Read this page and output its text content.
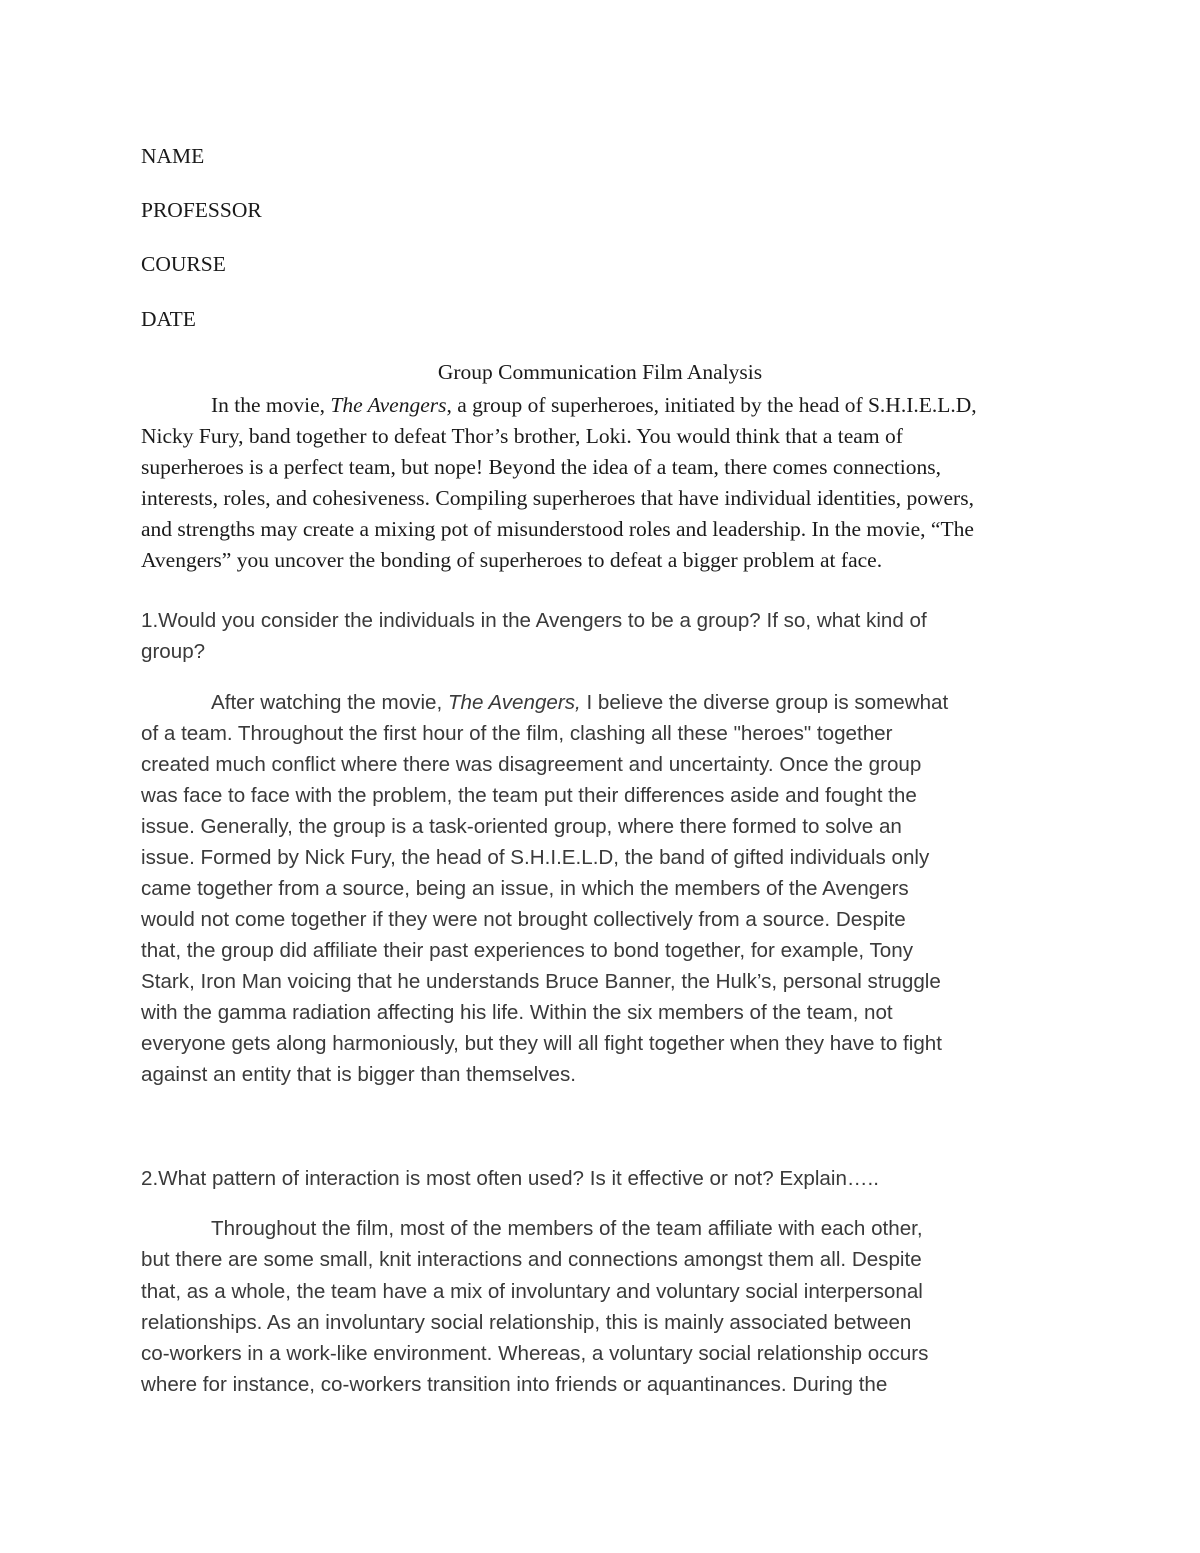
NAME
PROFESSOR
COURSE
DATE
Group Communication Film Analysis
In the movie, The Avengers, a group of superheroes, initiated by the head of S.H.I.E.L.D,
Nicky Fury, band together to defeat Thor’s brother, Loki. You would think that a team of
superheroes is a perfect team, but nope! Beyond the idea of a team, there comes connections,
interests, roles, and cohesiveness. Compiling superheroes that have individual identities, powers,
and strengths may create a mixing pot of misunderstood roles and leadership. In the movie, “The
Avengers” you uncover the bonding of superheroes to defeat a bigger problem at face.
1.Would you consider the individuals in the Avengers to be a group? If so, what kind of
group?
After watching the movie, The Avengers, I believe the diverse group is somewhat
of a team. Throughout the first hour of the film, clashing all these "heroes" together
created much conflict where there was disagreement and uncertainty. Once the group
was face to face with the problem, the team put their differences aside and fought the
issue. Generally, the group is a task-oriented group, where there formed to solve an
issue. Formed by Nick Fury, the head of S.H.I.E.L.D, the band of gifted individuals only
came together from a source, being an issue, in which the members of the Avengers
would not come together if they were not brought collectively from a source. Despite
that, the group did affiliate their past experiences to bond together, for example, Tony
Stark, Iron Man voicing that he understands Bruce Banner, the Hulk’s, personal struggle
with the gamma radiation affecting his life. Within the six members of the team, not
everyone gets along harmoniously, but they will all fight together when they have to fight
against an entity that is bigger than themselves.
2.What pattern of interaction is most often used? Is it effective or not? Explain…..
Throughout the film, most of the members of the team affiliate with each other,
but there are some small, knit interactions and connections amongst them all. Despite
that, as a whole, the team have a mix of involuntary and voluntary social interpersonal
relationships. As an involuntary social relationship, this is mainly associated between
co-workers in a work-like environment. Whereas, a voluntary social relationship occurs
where for instance, co-workers transition into friends or aquantinances. During the
